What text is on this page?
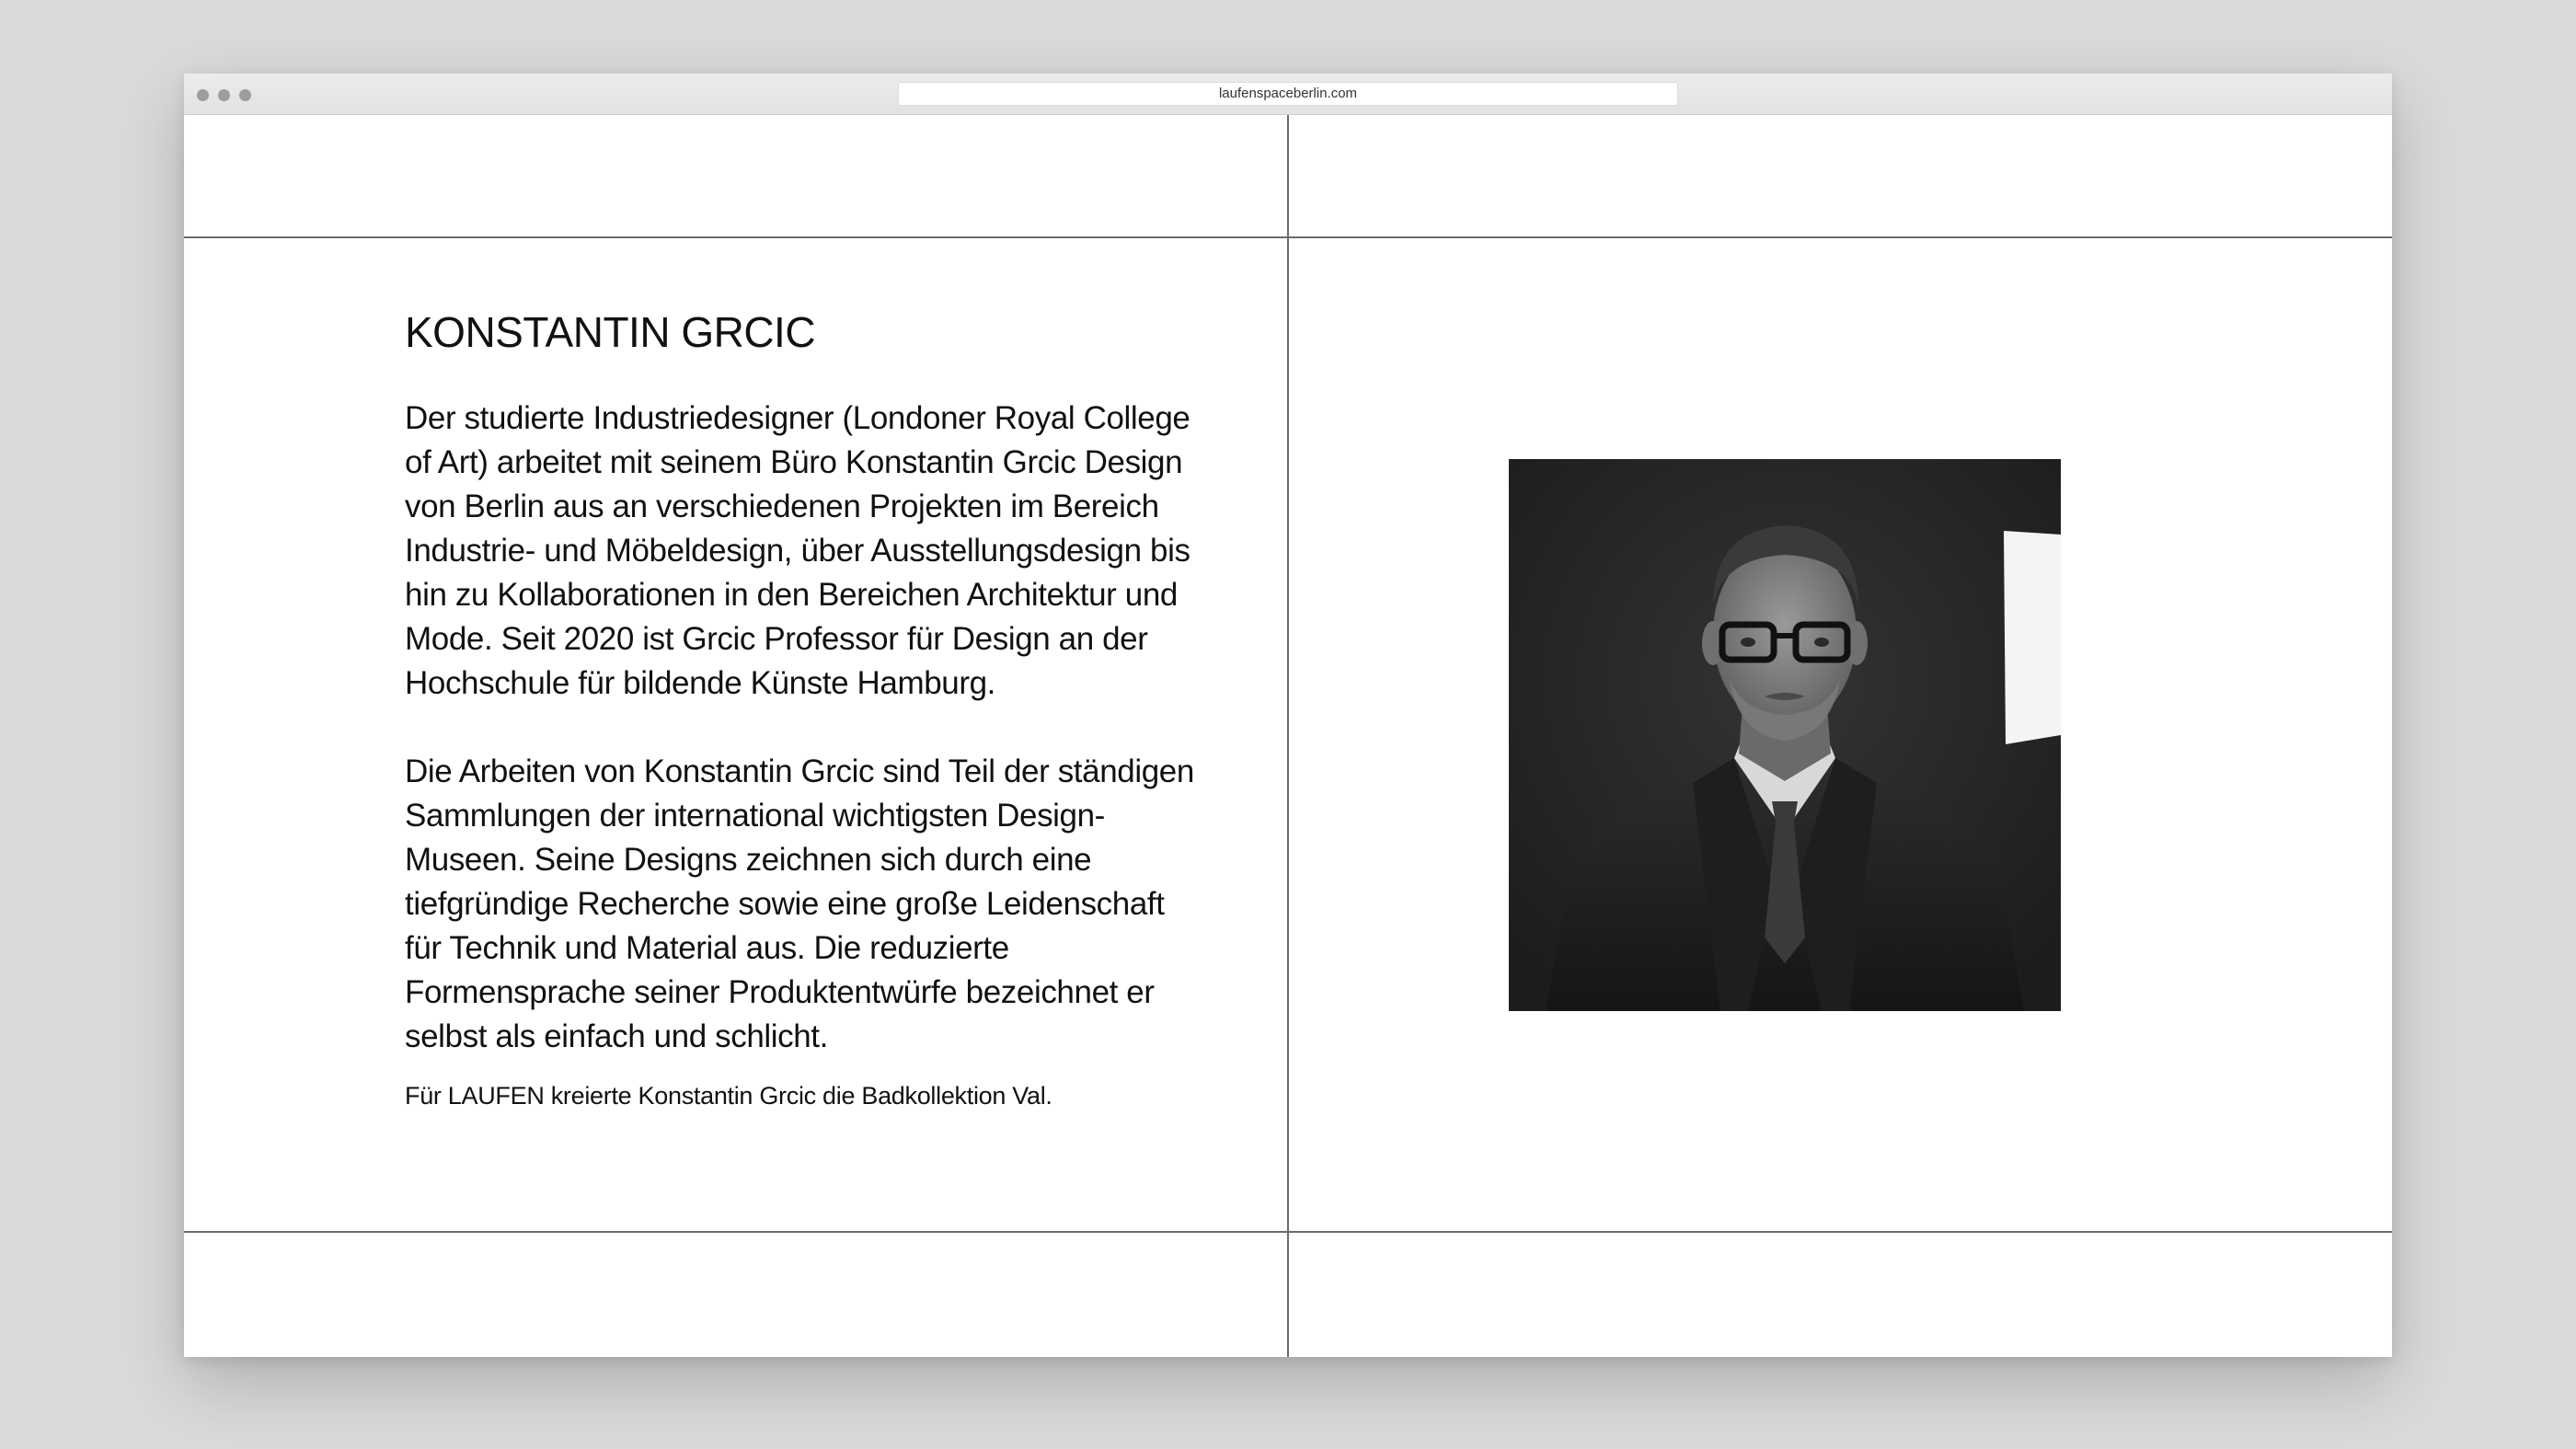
laufenspaceberlin.com
KONSTANTIN GRCIC

Der studierte Industriedesigner (Londoner Royal College of Art) arbeitet mit seinem Büro Konstantin Grcic Design von Berlin aus an verschiedenen Projekten im Bereich Industrie- und Möbeldesign, über Ausstellungsdesign bis hin zu Kollaborationen in den Bereichen Architektur und Mode. Seit 2020 ist Grcic Professor für Design an der Hochschule für bildende Künste Hamburg.

Die Arbeiten von Konstantin Grcic sind Teil der ständigen Sammlungen der international wichtigsten Design-Museen. Seine Designs zeichnen sich durch eine tiefgründige Recherche sowie eine große Leidenschaft für Technik und Material aus. Die reduzierte Formensprache seiner Produktentwürfe bezeichnet er selbst als einfach und schlicht.

Für LAUFEN kreierte Konstantin Grcic die Badkollektion Val.
